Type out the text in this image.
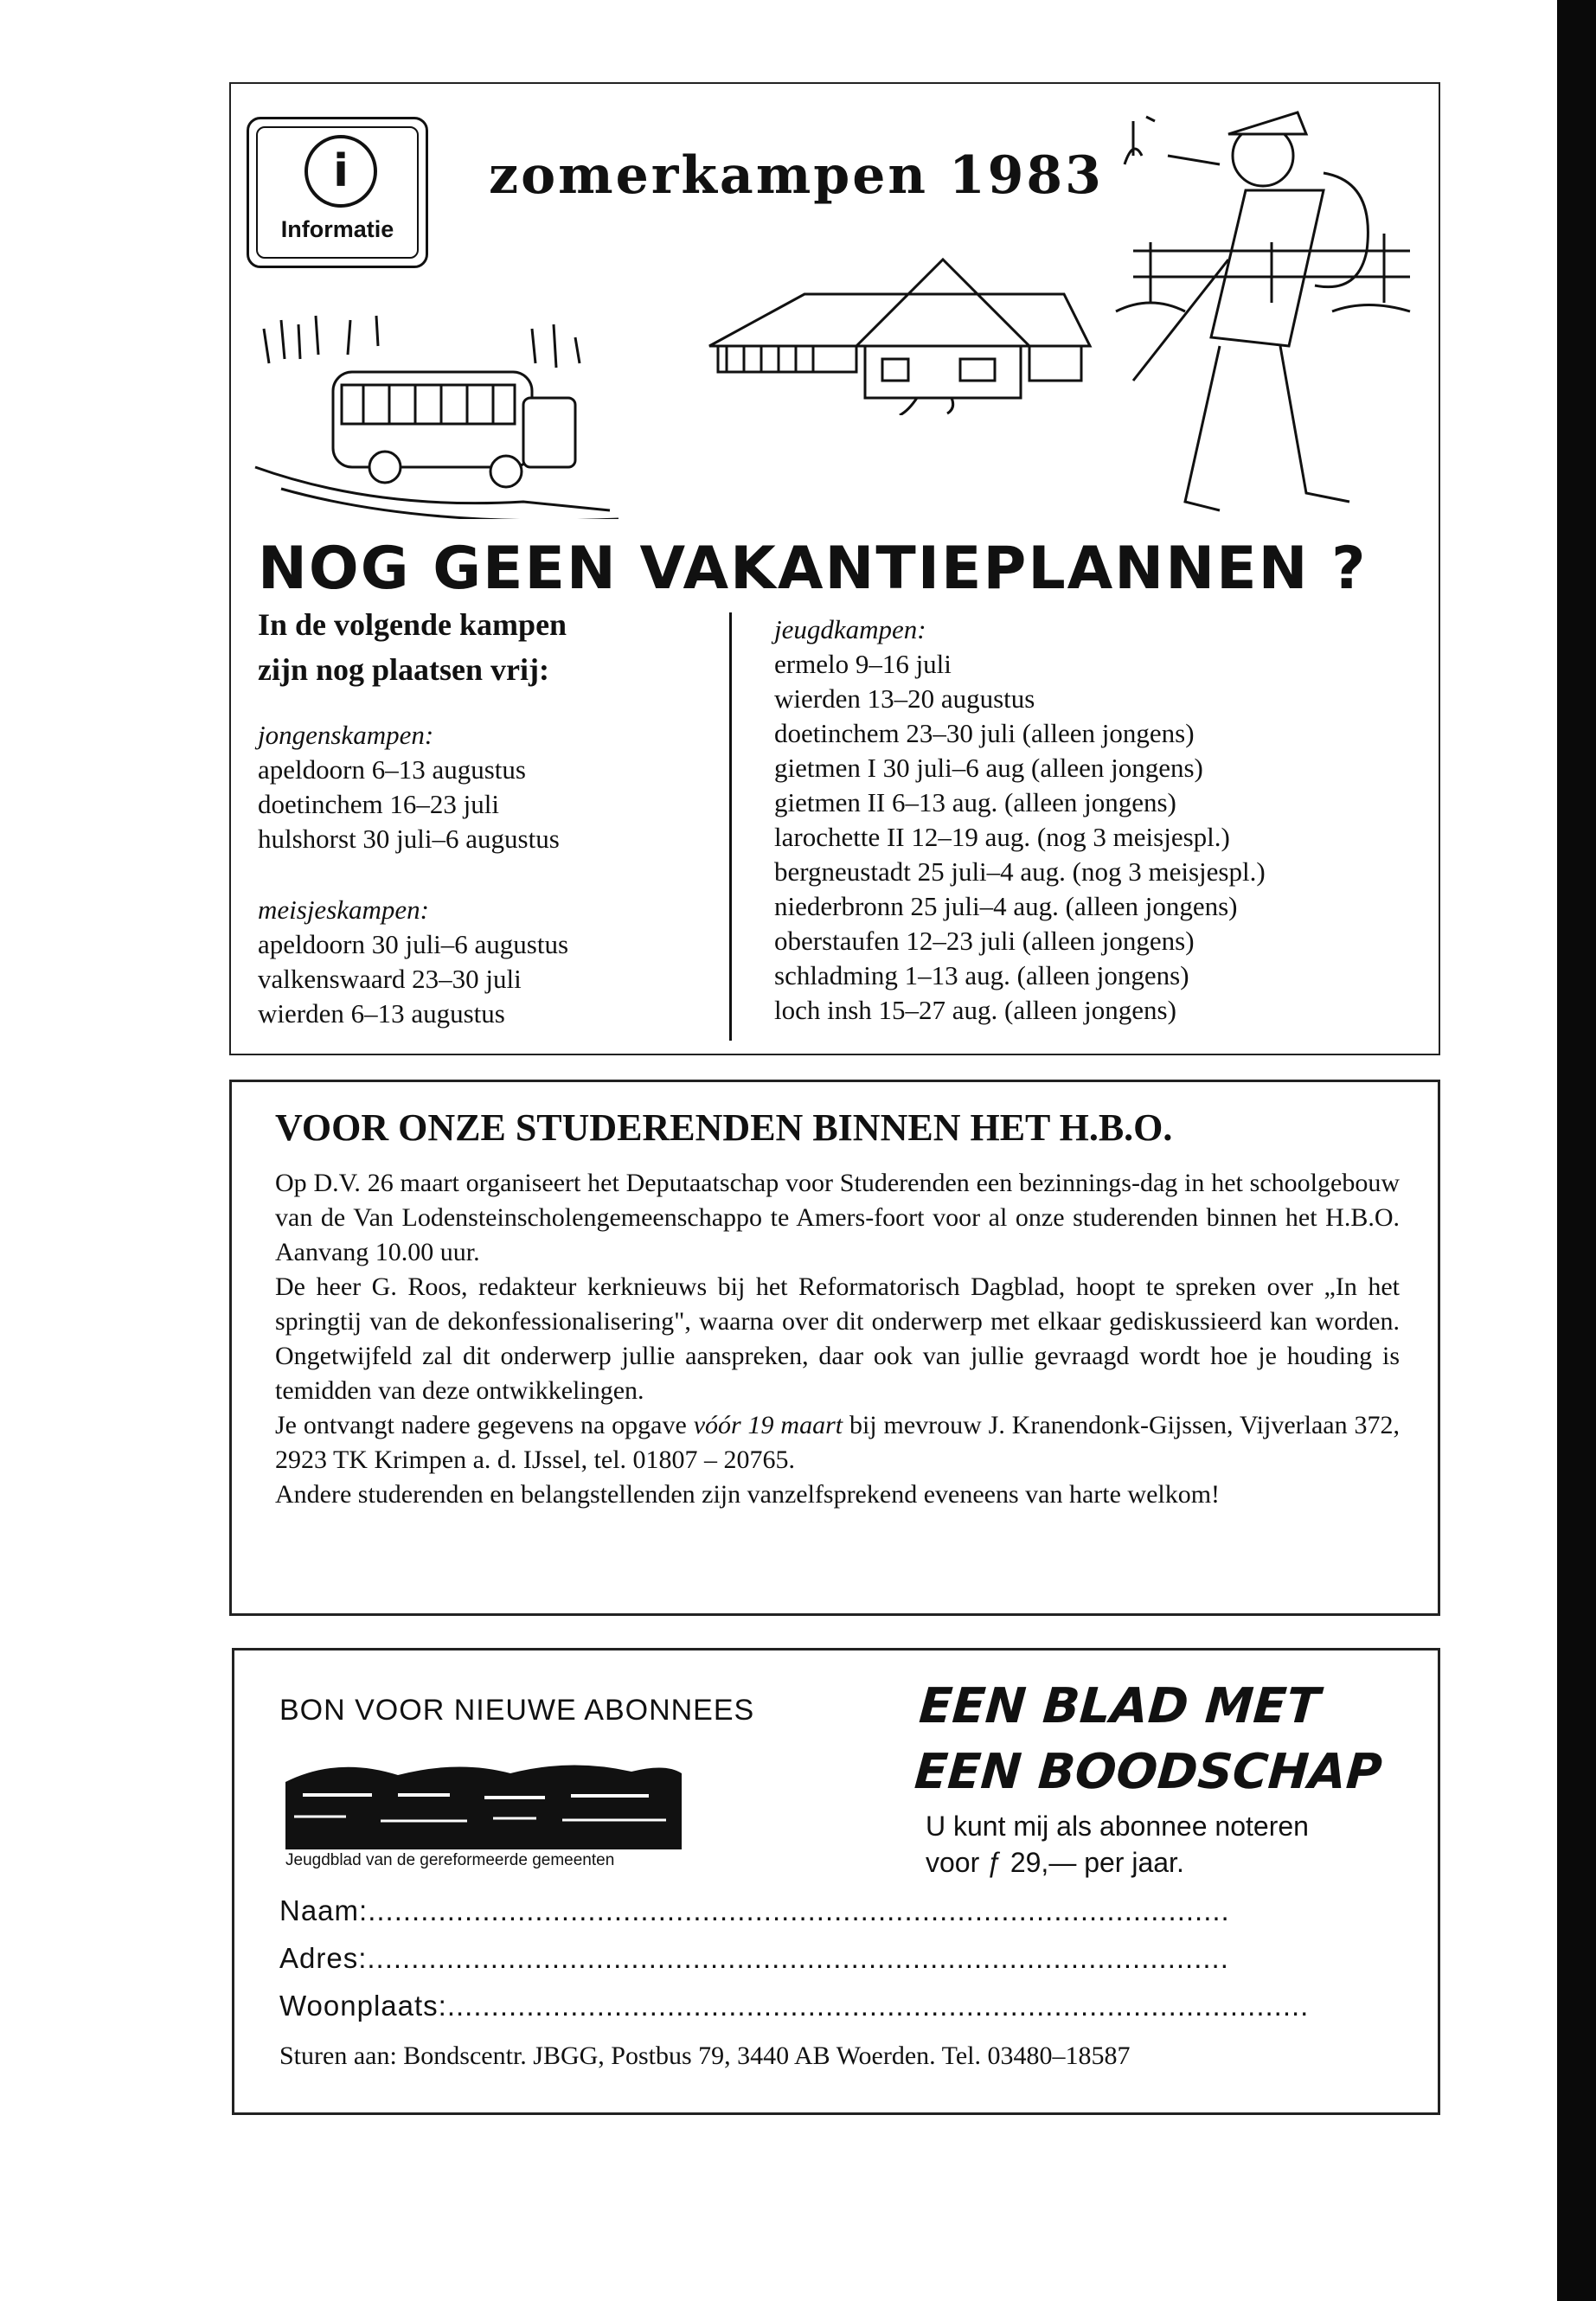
i
Informatie
zomerkampen 1983
NOG GEEN VAKANTIEPLANNEN ?
In de volgende kampen
zijn nog plaatsen vrij:
jongenskampen:
apeldoorn 6–13 augustus
doetinchem 16–23 juli
hulshorst 30 juli–6 augustus
meisjeskampen:
apeldoorn 30 juli–6 augustus
valkenswaard 23–30 juli
wierden 6–13 augustus
jeugdkampen:
ermelo 9–16 juli
wierden 13–20 augustus
doetinchem 23–30 juli (alleen jongens)
gietmen I 30 juli–6 aug (alleen jongens)
gietmen II 6–13 aug. (alleen jongens)
larochette II 12–19 aug. (nog 3 meisjespl.)
bergneustadt 25 juli–4 aug. (nog 3 meisjespl.)
niederbronn 25 juli–4 aug. (alleen jongens)
oberstaufen 12–23 juli (alleen jongens)
schladming 1–13 aug. (alleen jongens)
loch insh 15–27 aug. (alleen jongens)
VOOR ONZE STUDERENDEN BINNEN HET H.B.O.

Op D.V. 26 maart organiseert het Deputaatschap voor Studerenden een bezinnings-dag in het schoolgebouw van de Van Lodensteinscholengemeenschappo te Amers-foort voor al onze studerenden binnen het H.B.O. Aanvang 10.00 uur.

De heer G. Roos, redakteur kerknieuws bij het Reformatorisch Dagblad, hoopt te spreken over „In het springtij van de dekonfessionalisering", waarna over dit onderwerp met elkaar gediskussieerd kan worden. Ongetwijfeld zal dit onderwerp jullie aanspreken, daar ook van jullie gevraagd wordt hoe je houding is temidden van deze ontwikkelingen.

Je ontvangt nadere gegevens na opgave vóór 19 maart bij mevrouw J. Kranendonk-Gijssen, Vijverlaan 372, 2923 TK Krimpen a. d. IJssel, tel. 01807 – 20765.

Andere studerenden en belangstellenden zijn vanzelfsprekend eveneens van harte welkom!

BON VOOR NIEUWE ABONNEES
Jeugdblad van de gereformeerde gemeenten
EEN BLAD MET
EEN BOODSCHAP
U kunt mij als abonnee noteren
voor ƒ 29,— per jaar.
Naam:..................................................................................................
Adres:..................................................................................................
Woonplaats:..................................................................................................
Sturen aan: Bondscentr. JBGG, Postbus 79, 3440 AB Woerden. Tel. 03480–18587
